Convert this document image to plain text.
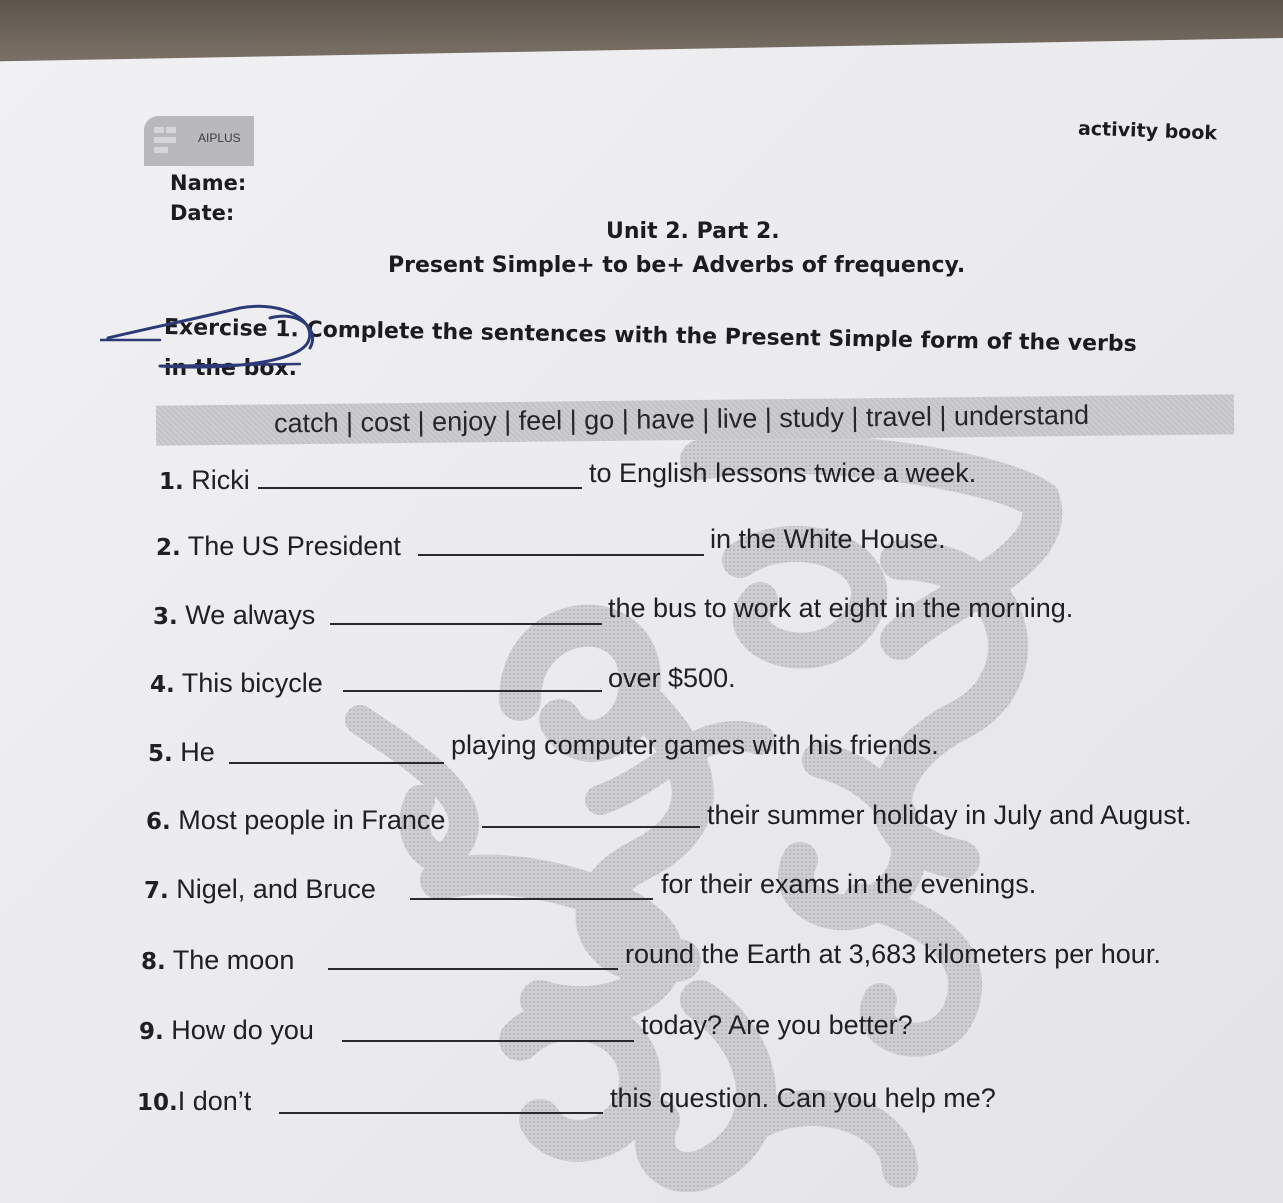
AIPLUS	activity book
Name:
Date:
Unit 2. Part 2.
Present Simple+ to be+ Adverbs of frequency.
Exercise 1. Complete the sentences with the Present Simple form of the verbs
in the box.
catch | cost | enjoy | feel | go | have | live | study | travel | understand
1. Ricki	to English lessons twice a week.
2. The US President	in the White House.
3. We always	the bus to work at eight in the morning.
4. This bicycle	over $500.
5. He	playing computer games with his friends.
6. Most people in France	their summer holiday in July and August.
7. Nigel, and Bruce	for their exams in the evenings.
8. The moon	round the Earth at 3,683 kilometers per hour.
9. How do you	today? Are you better?
10.I don’t	this question. Can you help me?
